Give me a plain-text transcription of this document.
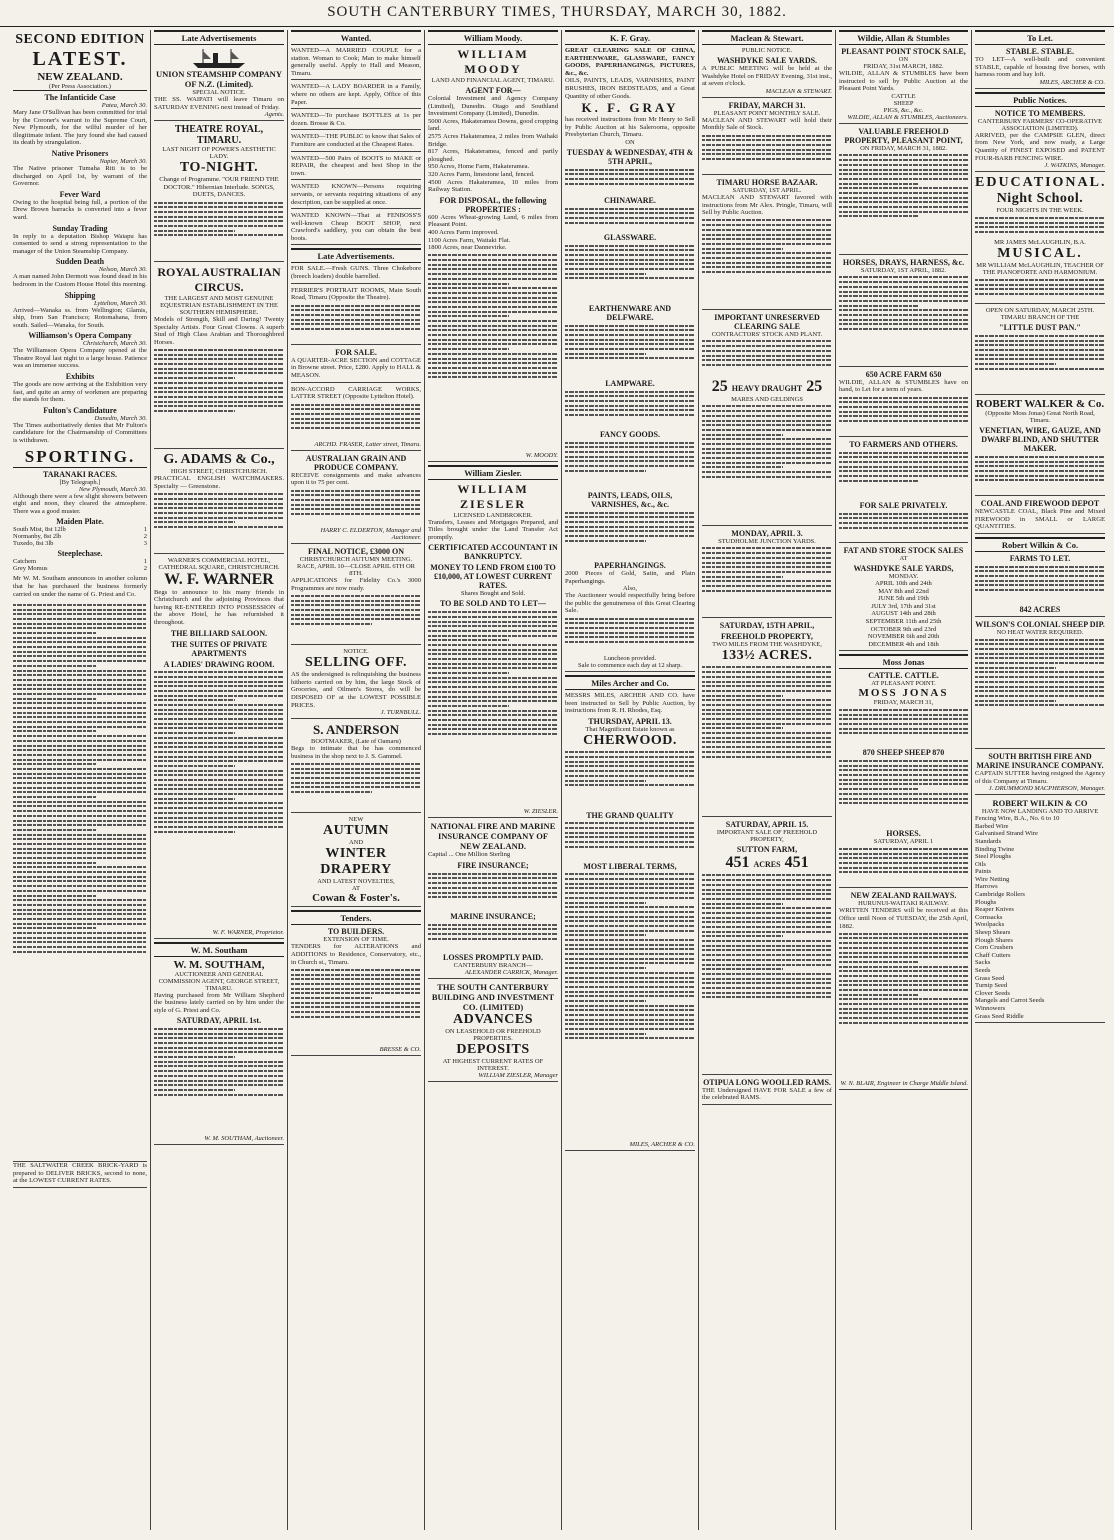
SOUTH CANTERBURY TIMES, THURSDAY, MARCH 30, 1882.
SECOND EDITION
LATEST.
NEW ZEALAND.
(Per Press Association.)
The Infanticide Case
Patea, March 30.
Mary Jane O'Sullivan has been committed for trial by the Coroner's warrant to the Supreme Court, New Plymouth, for the wilful murder of her illegitimate infant. The jury found she had caused its death by strangulation.
Native Prisoners
Napier, March 30.
The Native prisoner Tumaha Riti is to be discharged on April 1st, by warrant of the Governor.
Fever Ward
Owing to the hospital being full, a portion of the Drew Brown barracks is converted into a fever ward.
Sunday Trading
In reply to a deputation Bishop Waiapu has consented to send a strong representation to the manager of the Union Steamship Company.
Sudden Death
Nelson, March 30.
A man named John Dermott was found dead in his bedroom in the Custom House Hotel this morning.
Shipping
Lyttelton, March 30.
Arrived—Wanaka ss. from Wellington; Glamis, ship, from San Francisco; Rotomahana, from south. Sailed—Wanaka, for South.
Williamson's Opera Company
Christchurch, March 30.
The Williamson Opera Company opened at the Theatre Royal last night to a large house. Patience was an immense success.
Exhibits
The goods are now arriving at the Exhibition very fast, and quite an army of workmen are preparing the stands for them.
Fulton's Candidature
Dunedin, March 30.
The Times authoritatively denies that Mr Fulton's candidature for the Chairmanship of Committees is withdrawn.
SPORTING.
TARANAKI RACES.
[By Telegraph.]
New Plymouth, March 30.
Although there were a few slight showers between eight and noon, they cleared the atmosphere. There was a good muster.
Maiden Plate.
South Mist, 8st 12lb	1
Normanby, 8st 2lb	2
Tuxedo, 8st 3lb	3
Steeplechase.
Catchem	1
Grey Momus	2
Mr W. M. Southam announces in another column that he has purchased the business formerly carried on under the name of G. Priest and Co.
THE SALTWATER CREEK BRICK-YARD is prepared to DELIVER BRICKS, second to none, at the LOWEST CURRENT RATES.
Late Advertisements
UNION STEAMSHIP COMPANY OF N.Z. (Limited).
SPECIAL NOTICE.
THE SS. WAIPATI will leave Timaru on SATURDAY EVENING next instead of Friday.
Agents.
THEATRE ROYAL, TIMARU.
LAST NIGHT OF POWER'S AESTHETIC LADY.
TO-NIGHT.
Change of Programme. "OUR FRIEND THE DOCTOR." Hibernian Interlude. SONGS, DUETS, DANCES.
ROYAL AUSTRALIAN CIRCUS.
THE LARGEST AND MOST GENUINE EQUESTRIAN ESTABLISHMENT IN THE SOUTHERN HEMISPHERE.
Models of Strength, Skill and Daring! Twenty Specialty Artists. Four Great Clowns. A superb Stud of High Class Arabian and Thoroughbred Horses.
G. ADAMS & Co.,
HIGH STREET, CHRISTCHURCH.
PRACTICAL ENGLISH WATCHMAKERS. Specialty — Greenstone.
WARNER'S COMMERCIAL HOTEL, CATHEDRAL SQUARE, CHRISTCHURCH.
W. F. WARNER
Begs to announce to his many friends in Christchurch and the adjoining Provinces that having RE-ENTERED INTO POSSESSION of the above Hotel, he has refurnished it throughout.
THE BILLIARD SALOON.
THE SUITES OF PRIVATE APARTMENTS
A LADIES' DRAWING ROOM.
W. F. WARNER, Proprietor.
W. M. Southam
W. M. SOUTHAM,
AUCTIONEER AND GENERAL COMMISSION AGENT, GEORGE STREET, TIMARU.
Having purchased from Mr William Shepherd the business lately carried on by him under the style of G. Priest and Co.
SATURDAY, APRIL 1st.
W. M. SOUTHAM, Auctioneer.
Wanted.
WANTED—A MARRIED COUPLE for a station. Woman to Cook; Man to make himself generally useful. Apply to Hall and Meason, Timaru.
WANTED—A LADY BOARDER in a Family, where no others are kept. Apply, Office of this Paper.
WANTED—To purchase BOTTLES at 1s per dozen. Brosse & Co.
WANTED—THE PUBLIC to know that Sales of Furniture are conducted at the Cheapest Rates.
WANTED—500 Pairs of BOOTS to MAKE or REPAIR, the cheapest and best Shop in the town.
WANTED KNOWN—Persons requiring servants, or servants requiring situations of any description, can be supplied at once.
WANTED KNOWN—That at FENBOSS'S well-known Cheap BOOT SHOP, next Crawford's saddlery, you can obtain the best boots.
Late Advertisements.
FOR SALE.—Fresh GUNS. Three Chokebore (breech loaders) double barrelled.
FERRIER'S PORTRAIT ROOMS, Main South Road, Timaru (Opposite the Theatre).
FOR SALE.
A QUARTER-ACRE SECTION and COTTAGE in Browne street. Price, £280. Apply to HALL & MEASON.
BON-ACCORD CARRIAGE WORKS, LATTER STREET (Opposite Lyttelton Hotel).
ARCHD. FRASER, Latter street, Timaru.
AUSTRALIAN GRAIN AND PRODUCE COMPANY.
RECEIVE consignments and make advances upon it to 75 per cent.
HARRY C. ELDERTON, Manager and Auctioneer.
FINAL NOTICE, £3000 ON
CHRISTCHURCH AUTUMN MEETING.
RACE, APRIL 10—CLOSE APRIL 6TH OR 8TH.
APPLICATIONS for Fidelity Co.'s 3000 Programmes are now ready.
NOTICE.
SELLING OFF.
AS the undersigned is relinquishing the business hitherto carried on by him, the large Stock of Groceries, and Oilmen's Stores, do will be DISPOSED OF at the LOWEST POSSIBLE PRICES.
J. TURNBULL.
S. ANDERSON
BOOTMAKER, (Late of Oamaru)
Begs to intimate that he has commenced business in the shop next to J. S. Gammel.
NEW
AUTUMN
AND
WINTER
DRAPERY
AND LATEST NOVELTIES,
AT
Cowan & Foster's.
Tenders.
TO BUILDERS.
EXTENSION OF TIME.
TENDERS for ALTERATIONS and ADDITIONS to Residence, Conservatory, etc., in Church st., Timaru.
BRESSE & CO.
William Moody.
WILLIAM MOODY
LAND AND FINANCIAL AGENT, TIMARU.
AGENT FOR—
Colonial Investment and Agency Company (Limited), Dunedin. Otago and Southland Investment Company (Limited), Dunedin.
5000 Acres, Hakateramea Downs, good cropping land.
2575 Acres Hakateramea, 2 miles from Waihaki Bridge.
817 Acres, Hakateramea, fenced and partly ploughed.
950 Acres, Home Farm, Hakateramea.
320 Acres Farm, limestone land, fenced.
4500 Acres Hakateramea, 10 miles from Railway Station.
FOR DISPOSAL, the following PROPERTIES :
600 Acres Wheat-growing Land, 6 miles from Pleasant Point.
400 Acres Farm improved.
1100 Acres Farm, Waitaki Flat.
1800 Acres, near Dannevirke.
W. MOODY.
William Ziesler.
WILLIAM ZIESLER
LICENSED LANDBROKER.
Transfers, Leases and Mortgages Prepared, and Titles brought under the Land Transfer Act promptly.
CERTIFICATED ACCOUNTANT IN BANKRUPTCY.
MONEY TO LEND FROM £100 TO £10,000, AT LOWEST CURRENT RATES.
Shares Bought and Sold.
TO BE SOLD AND TO LET—
W. ZIESLER.
NATIONAL FIRE AND MARINE INSURANCE COMPANY OF NEW ZEALAND.
Capital ... One Million Sterling
FIRE INSURANCE;
MARINE INSURANCE;
LOSSES PROMPTLY PAID.
CANTERBURY BRANCH—
ALEXANDER CARRICK, Manager.
THE SOUTH CANTERBURY BUILDING AND INVESTMENT CO. (LIMITED)
ADVANCES
ON LEASEHOLD OR FREEHOLD PROPERTIES.
DEPOSITS
AT HIGHEST CURRENT RATES OF INTEREST.
WILLIAM ZIESLER, Manager
K. F. Gray.
GREAT CLEARING SALE OF CHINA, EARTHENWARE, GLASSWARE, FANCY GOODS, PAPERHANGINGS, PICTURES, &c., &c.
OILS, PAINTS, LEADS, VARNISHES, PAINT BRUSHES, IRON BEDSTEADS, and a Great Quantity of other Goods.
K. F. GRAY
has received instructions from Mr Henry to Sell by Public Auction at his Salerooms, opposite Presbyterian Church, Timaru.
ON
TUESDAY & WEDNESDAY, 4TH & 5TH APRIL,
CHINAWARE.
GLASSWARE.
EARTHENWARE AND DELFWARE.
LAMPWARE.
FANCY GOODS.
PAINTS, LEADS, OILS, VARNISHES, &c., &c.
PAPERHANGINGS.
2000 Pieces of Gold, Satin, and Plain Paperhangings.
Also,
The Auctioneer would respectfully bring before the public the genuineness of this Great Clearing Sale.
Luncheon provided.
Sale to commence each day at 12 sharp.
Miles Archer and Co.
MESSRS MILES, ARCHER AND CO. have been instructed to Sell by Public Auction, by instructions from R. H. Rhodes, Esq.
THURSDAY, APRIL 13.
That Magnificent Estate known as
CHERWOOD.
THE GRAND QUALITY
MOST LIBERAL TERMS,
MILES, ARCHER & CO.
Maclean & Stewart.
PUBLIC NOTICE.
WASHDYKE SALE YARDS.
A PUBLIC MEETING will be held at the Washdyke Hotel on FRIDAY Evening, 31st inst., at seven o'clock.
MACLEAN & STEWART.
FRIDAY, MARCH 31.
PLEASANT POINT MONTHLY SALE.
MACLEAN AND STEWART will hold their Monthly Sale of Stock.
TIMARU HORSE BAZAAR.
SATURDAY, 1ST APRIL.
MACLEAN AND STEWART favored with instructions from Mr Alex. Pringle, Timaru, will Sell by Public Auction.
IMPORTANT UNRESERVED CLEARING SALE
CONTRACTORS' STOCK AND PLANT.
25 HEAVY DRAUGHT 25
MARES AND GELDINGS
MONDAY, APRIL 3.
STUDHOLME JUNCTION YARDS.
SATURDAY, 15TH APRIL,
FREEHOLD PROPERTY,
TWO MILES FROM THE WASHDYKE,
133½ ACRES.
SATURDAY, APRIL 15.
IMPORTANT SALE OF FREEHOLD PROPERTY,
SUTTON FARM,
451 ACRES 451
OTIPUA LONG WOOLLED RAMS.
THE Undersigned HAVE FOR SALE a few of the celebrated RAMS.
Wildie, Allan & Stumbles
PLEASANT POINT STOCK SALE,
ON
FRIDAY, 31st MARCH, 1882.
WILDIE, ALLAN & STUMBLES have been instructed to sell by Public Auction at the Pleasant Point Yards.
CATTLE
SHEEP
PIGS, &c., &c.
WILDIE, ALLAN & STUMBLES, Auctioneers.
VALUABLE FREEHOLD PROPERTY, PLEASANT POINT,
ON FRIDAY, MARCH 31, 1882.
HORSES, DRAYS, HARNESS, &c.
SATURDAY, 1ST APRIL, 1882.
650 ACRE FARM 650
WILDIE, ALLAN & STUMBLES have on hand, to Let for a term of years.
TO FARMERS AND OTHERS.
FOR SALE PRIVATELY.
FAT AND STORE STOCK SALES
AT
WASHDYKE SALE YARDS,
MONDAY.
APRIL 10th and 24th
MAY 8th and 22nd
JUNE 5th and 19th
JULY 3rd, 17th and 31st
AUGUST 14th and 28th
SEPTEMBER 11th and 25th
OCTOBER 9th and 23rd
NOVEMBER 6th and 20th
DECEMBER 4th and 18th
Moss Jonas
CATTLE. CATTLE.
AT PLEASANT POINT.
MOSS JONAS
FRIDAY, MARCH 31,
870 SHEEP SHEEP 870
HORSES.
SATURDAY, APRIL 1
NEW ZEALAND RAILWAYS.
HURUNUI-WAITAKI RAILWAY.
WRITTEN TENDERS will be received at this Office until Noon of TUESDAY, the 25th April, 1882.
W. N. BLAIR, Engineer in Charge Middle Island.
To Let.
STABLE. STABLE.
TO LET—A well-built and convenient STABLE, capable of housing five horses, with harness room and hay loft.
MILES, ARCHER & CO.
Public Notices.
NOTICE TO MEMBERS.
CANTERBURY FARMERS' CO-OPERATIVE ASSOCIATION (LIMITED).
ARRIVED, per the CAMPSIE GLEN, direct from New York, and now ready, a Large Quantity of FINEST EXPOSED and PATENT FOUR-BARB FENCING WIRE.
J. WATKINS, Manager.
EDUCATIONAL.
Night School.
FOUR NIGHTS IN THE WEEK.
MR JAMES McLAUGHLIN, B.A.
MUSICAL.
MR WILLIAM McLAUGHLIN, TEACHER OF THE PIANOFORTE AND HARMONIUM.
OPEN ON SATURDAY, MARCH 25TH.
TIMARU BRANCH OF THE
"LITTLE DUST PAN."
ROBERT WALKER & Co.
(Opposite Moss Jonas) Great North Road, Timaru.
VENETIAN, WIRE, GAUZE, AND DWARF BLIND, AND SHUTTER MAKER.
COAL AND FIREWOOD DEPOT
NEWCASTLE COAL, Black Pine and Mixed FIREWOOD in SMALL or LARGE QUANTITIES.
Robert Wilkin & Co.
FARMS TO LET.
842 ACRES
WILSON'S COLONIAL SHEEP DIP.
NO HEAT WATER REQUIRED.
SOUTH BRITISH FIRE AND MARINE INSURANCE COMPANY.
CAPTAIN SUTTER having resigned the Agency of this Company at Timaru.
J. DRUMMOND MACPHERSON, Manager.
ROBERT WILKIN & CO
HAVE NOW LANDING AND TO ARRIVE
Fencing Wire, B.A., No. 6 to 10
Barbed Wire
Galvanised Strand Wire
Standards
Binding Twine
Steel Ploughs
Oils
Paints
Wire Netting
Harrows
Cambridge Rollers
Ploughs
Reaper Knives
Cornsacks
Woolpacks
Sheep Shears
Plough Shares
Corn Crushers
Chaff Cutters
Sacks
Seeds
Grass Seed
Turnip Seed
Clover Seeds
Mangels and Carrot Seeds
Winnowers
Grass Seed Riddle
